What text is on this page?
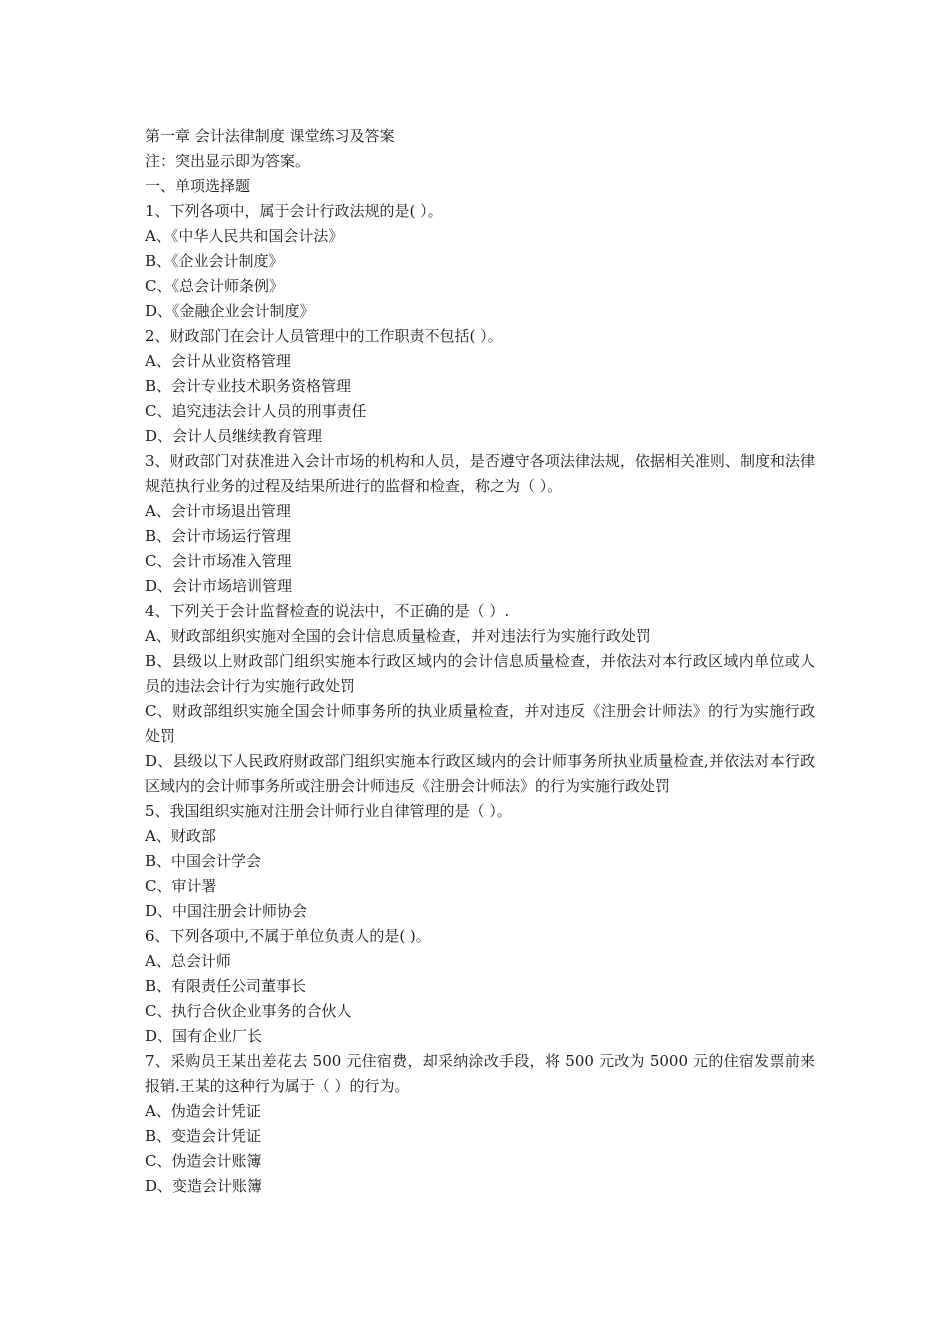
第一章 会计法律制度 课堂练习及答案
注：突出显示即为答案。
一、单项选择题
1、下列各项中，属于会计行政法规的是( ）。
A、《中华人民共和国会计法》
B、《企业会计制度》
C、《总会计师条例》
D、《金融企业会计制度》
2、财政部门在会计人员管理中的工作职责不包括( ）。
A、会计从业资格管理
B、会计专业技术职务资格管理
C、追究违法会计人员的刑事责任
D、会计人员继续教育管理
3、财政部门对获准进入会计市场的机构和人员，是否遵守各项法律法规，依据相关准则、制度和法律规范执行业务的过程及结果所进行的监督和检查，称之为（ ）。
A、会计市场退出管理
B、会计市场运行管理
C、会计市场准入管理
D、会计市场培训管理
4、下列关于会计监督检查的说法中，不正确的是（ ）.
A、财政部组织实施对全国的会计信息质量检查，并对违法行为实施行政处罚
B、县级以上财政部门组织实施本行政区域内的会计信息质量检查，并依法对本行政区域内单位或人员的违法会计行为实施行政处罚
C、财政部组织实施全国会计师事务所的执业质量检查，并对违反《注册会计师法》的行为实施行政处罚
D、县级以下人民政府财政部门组织实施本行政区域内的会计师事务所执业质量检查,并依法对本行政区域内的会计师事务所或注册会计师违反《注册会计师法》的行为实施行政处罚
5、我国组织实施对注册会计师行业自律管理的是（ ）。
A、财政部
B、中国会计学会
C、审计署
D、中国注册会计师协会
6、下列各项中,不属于单位负责人的是( )。
A、总会计师
B、有限责任公司董事长
C、执行合伙企业事务的合伙人
D、国有企业厂长
7、采购员王某出差花去 500 元住宿费，却采纳涂改手段，将 500 元改为 5000 元的住宿发票前来报销.王某的这种行为属于（ ）的行为。
A、伪造会计凭证
B、变造会计凭证
C、伪造会计账簿
D、变造会计账簿
